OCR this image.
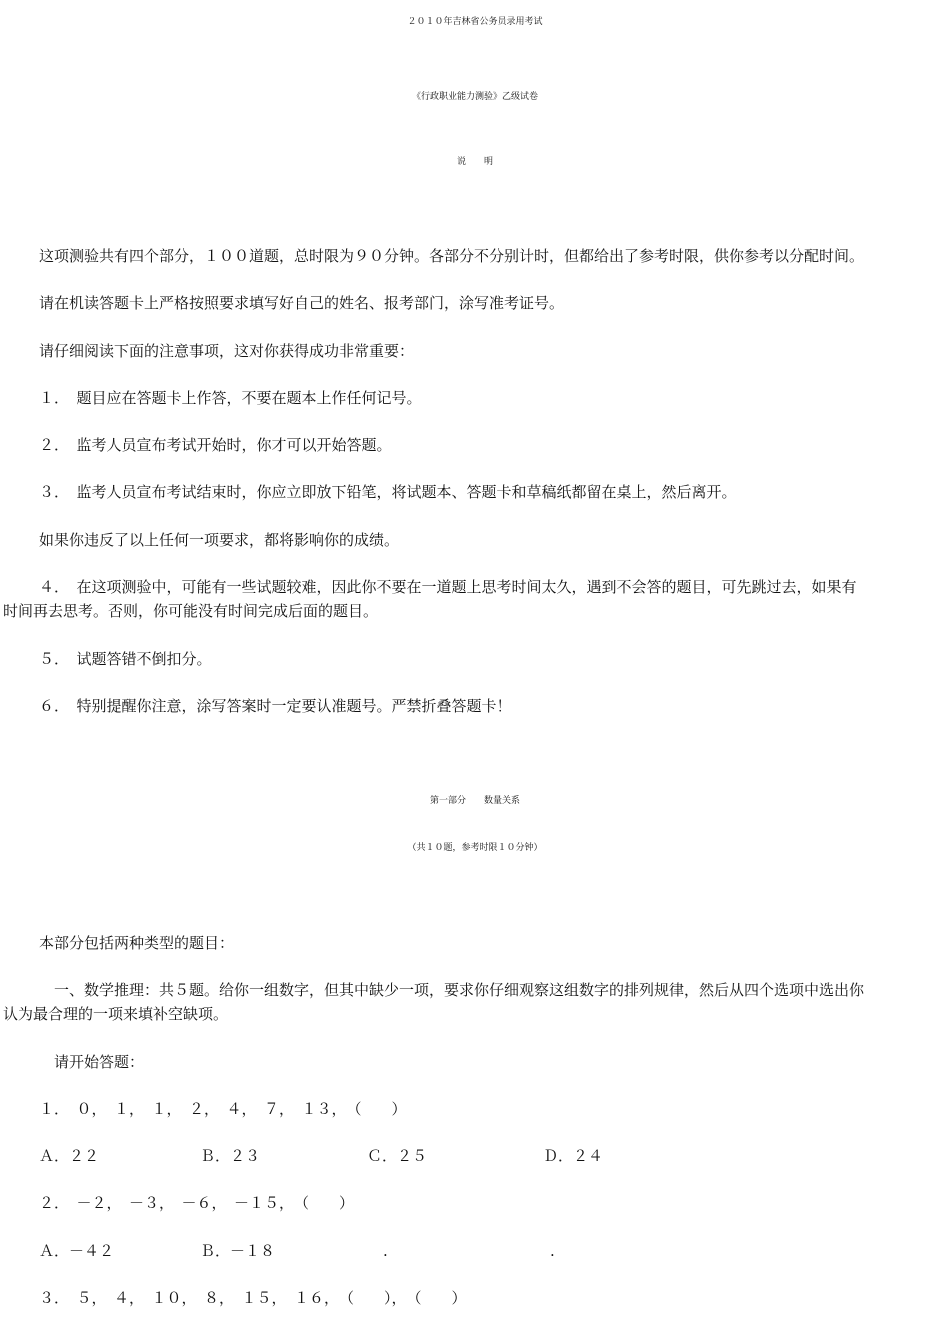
２０１０年吉林省公务员录用考试
《行政职业能力测验》乙级试卷
说　　明
这项测验共有四个部分，１００道题，总时限为９０分钟。各部分不分别计时，但都给出了参考时限，供你参考以分配时间。
请在机读答题卡上严格按照要求填写好自己的姓名、报考部门，涂写准考证号。
请仔细阅读下面的注意事项，这对你获得成功非常重要：
１．　题目应在答题卡上作答，不要在题本上作任何记号。
２．　监考人员宣布考试开始时，你才可以开始答题。
３．　监考人员宣布考试结束时，你应立即放下铅笔，将试题本、答题卡和草稿纸都留在桌上，然后离开。
如果你违反了以上任何一项要求，都将影响你的成绩。
４．　在这项测验中，可能有一些试题较难，因此你不要在一道题上思考时间太久，遇到不会答的题目，可先跳过去，如果有
时间再去思考。否则，你可能没有时间完成后面的题目。
５．　试题答错不倒扣分。
６．　特别提醒你注意，涂写答案时一定要认准题号。严禁折叠答题卡！
第一部分　　数量关系
（共１０题，参考时限１０分钟）
本部分包括两种类型的题目：
　一、数学推理：共５题。给你一组数字，但其中缺少一项，要求你仔细观察这组数字的排列规律，然后从四个选项中选出你
认为最合理的一项来填补空缺项。
　请开始答题：
１．　０，　１，　１，　２，　４，　７，　１３，　（　　）
Ａ．２２	Ｂ．２３	Ｃ．２５	Ｄ．２４
２．　－２，　－３，　－６，　－１５，　（　　）
Ａ．－４２	Ｂ．－１８	.	.
３．　５，　４，　１０，　８，　１５，　１６，　（　　），　（　　）
